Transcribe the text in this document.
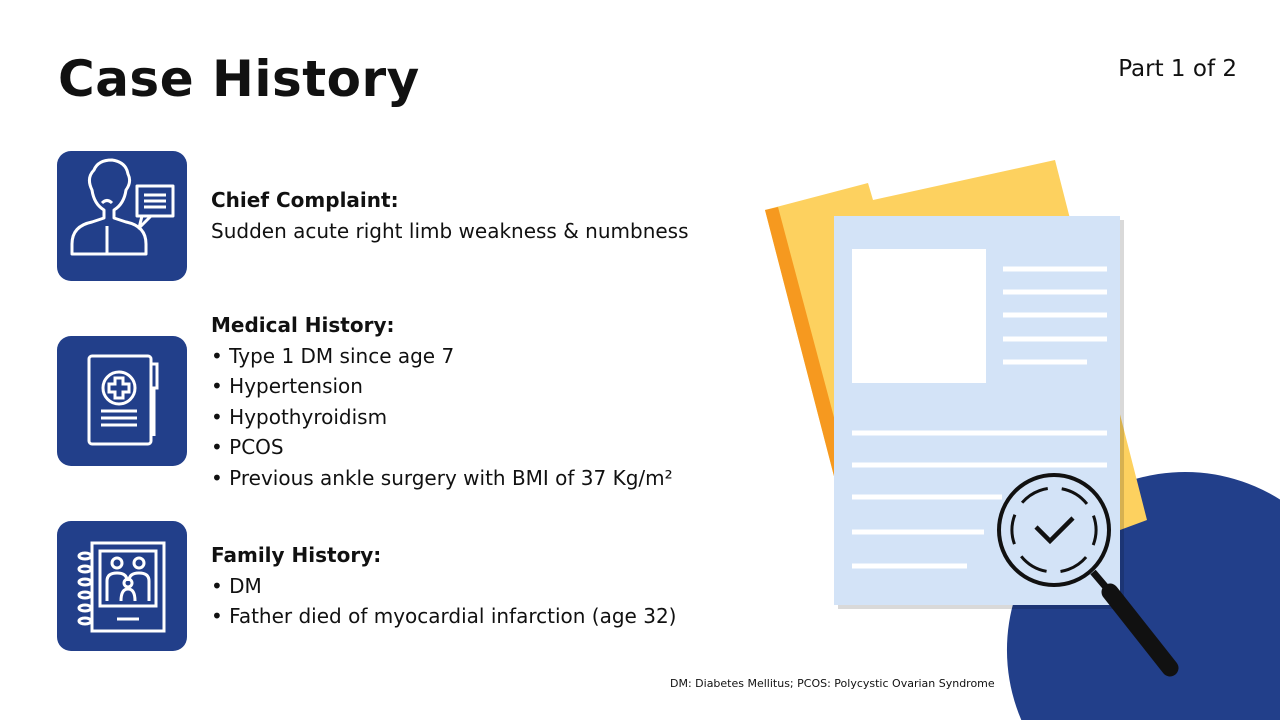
Case History	Part 1 of 2
Chief Complaint:
Sudden acute right limb weakness & numbness
Medical History:
• Type 1 DM since age 7
• Hypertension
• Hypothyroidism
• PCOS
• Previous ankle surgery with BMI of 37 Kg/m²
Family History:
• DM
• Father died of myocardial infarction (age 32)
DM: Diabetes Mellitus; PCOS: Polycystic Ovarian Syndrome
